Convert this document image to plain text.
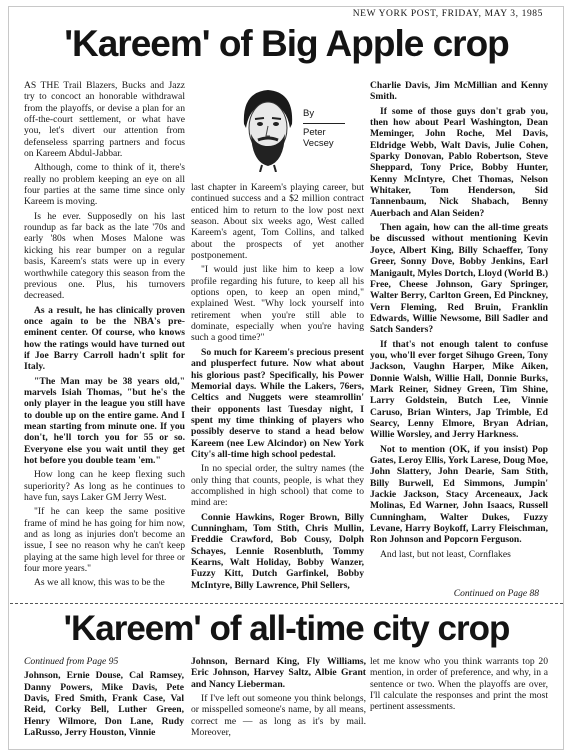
NEW YORK POST, FRIDAY, MAY 3, 1985
'Kareem' of Big Apple crop
By
Peter
Vecsey

AS THE Trail Blazers, Bucks and Jazz try to concoct an honorable withdrawal from the playoffs, or devise a plan for an off-the-court settlement, or what have you, let's divert our attention from defenseless sparring partners and focus on Kareem Abdul-Jabbar.

Although, come to think of it, there's really no problem keeping an eye on all four parties at the same time since only Kareem is moving.

Is he ever. Supposedly on his last roundup as far back as the late '70s and early '80s when Moses Malone was kicking his rear bumper on a regular basis, Kareem's stats were up in every worthwhile category this season from the previous one. Plus, his turnovers decreased.

As a result, he has clinically proven once again to be the NBA's pre-eminent center. Of course, who knows how the ratings would have turned out if Joe Barry Carroll hadn't split for Italy.

"The Man may be 38 years old," marvels Isiah Thomas, "but he's the only player in the league you still have to double up on the entire game. And I mean starting from minute one. If you don't, he'll torch you for 55 or so. Everyone else you wait until they get hot before you double team 'em."

How long can he keep flexing such superiority? As long as he continues to have fun, says Laker GM Jerry West.

"If he can keep the same positive frame of mind he has going for him now, and as long as injuries don't become an issue, I see no reason why he can't keep playing at the same high level for three or four more years."

As we all know, this was to be the

last chapter in Kareem's playing career, but continued success and a $2 million contract enticed him to return to the low post next season. About six weeks ago, West called Kareem's agent, Tom Collins, and talked about the prospects of yet another postponement.

"I would just like him to keep a low profile regarding his future, to keep all his options open, to keep an open mind," explained West. "Why lock yourself into retirement when you're still able to dominate, especially when you're having such a good time?"

So much for Kareem's precious present and plusperfect future. Now what about his glorious past? Specifically, his Power Memorial days. While the Lakers, 76ers, Celtics and Nuggets were steamrollin' their opponents last Tuesday night, I spent my time thinking of players who possibly deserve to stand a head below Kareem (nee Lew Alcindor) on New York City's all-time high school pedestal.

In no special order, the sultry names (the only thing that counts, people, is what they accomplished in high school) that come to mind are:

Connie Hawkins, Roger Brown, Billy Cunningham, Tom Stith, Chris Mullin, Freddie Crawford, Bob Cousy, Dolph Schayes, Lennie Rosenbluth, Tommy Kearns, Walt Holiday, Bobby Wanzer, Fuzzy Kitt, Dutch Garfinkel, Bobby McIntyre, Billy Lawrence, Phil Sellers,

Charlie Davis, Jim McMillian and Kenny Smith.

If some of those guys don't grab you, then how about Pearl Washington, Dean Meminger, John Roche, Mel Davis, Eldridge Webb, Walt Davis, Julie Cohen, Sparky Donovan, Pablo Robertson, Steve Sheppard, Tony Price, Bobby Hunter, Kenny McIntyre, Chet Thomas, Nelson Whitaker, Tom Henderson, Sid Tannenbaum, Nick Shabach, Benny Auerbach and Alan Seiden?

Then again, how can the all-time greats be discussed without mentioning Kevin Joyce, Albert King, Billy Schaeffer, Tony Greer, Sonny Dove, Bobby Jenkins, Earl Manigault, Myles Dortch, Lloyd (World B.) Free, Cheese Johnson, Gary Springer, Walter Berry, Carlton Green, Ed Pinckney, Vern Fleming, Red Bruin, Franklin Edwards, Willie Newsome, Bill Sadler and Satch Sanders?

If that's not enough talent to confuse you, who'll ever forget Sihugo Green, Tony Jackson, Vaughn Harper, Mike Aiken, Donnie Walsh, Willie Hall, Donnie Burks, Mark Reiner, Sidney Green, Tim Shine, Larry Goldstein, Butch Lee, Vinnie Caruso, Brian Winters, Jap Trimble, Ed Searcy, Lenny Elmore, Bryan Adrian, Willie Worsley, and Jerry Harkness.

Not to mention (OK, if you insist) Pop Gates, Leroy Ellis, York Larese, Doug Moe, John Slattery, John Dearie, Sam Stith, Billy Burwell, Ed Simmons, Jumpin' Jackie Jackson, Stacy Arceneaux, Jack Molinas, Ed Warner, John Isaacs, Russell Cunningham, Walter Dukes, Fuzzy Levane, Harry Boykoff, Larry Fleischman, Ron Johnson and Popcorn Ferguson.

And last, but not least, Cornflakes

Continued on Page 88
'Kareem' of all-time city crop

Continued from Page 95

Johnson, Ernie Douse, Cal Ramsey, Danny Powers, Mike Davis, Pete Davis, Fred Smith, Frank Case, Val Reid, Corky Bell, Luther Green, Henry Wilmore, Don Lane, Rudy LaRusso, Jerry Houston, Vinnie

Johnson, Bernard King, Fly Williams, Eric Johnson, Harvey Saltz, Albie Grant and Nancy Lieberman.

If I've left out someone you think belongs, or misspelled someone's name, by all means, correct me — as long as it's by mail. Moreover,

let me know who you think warrants top 20 mention, in order of preference, and why, in a sentence or two. When the playoffs are over, I'll calculate the responses and print the most pertinent assessments.
